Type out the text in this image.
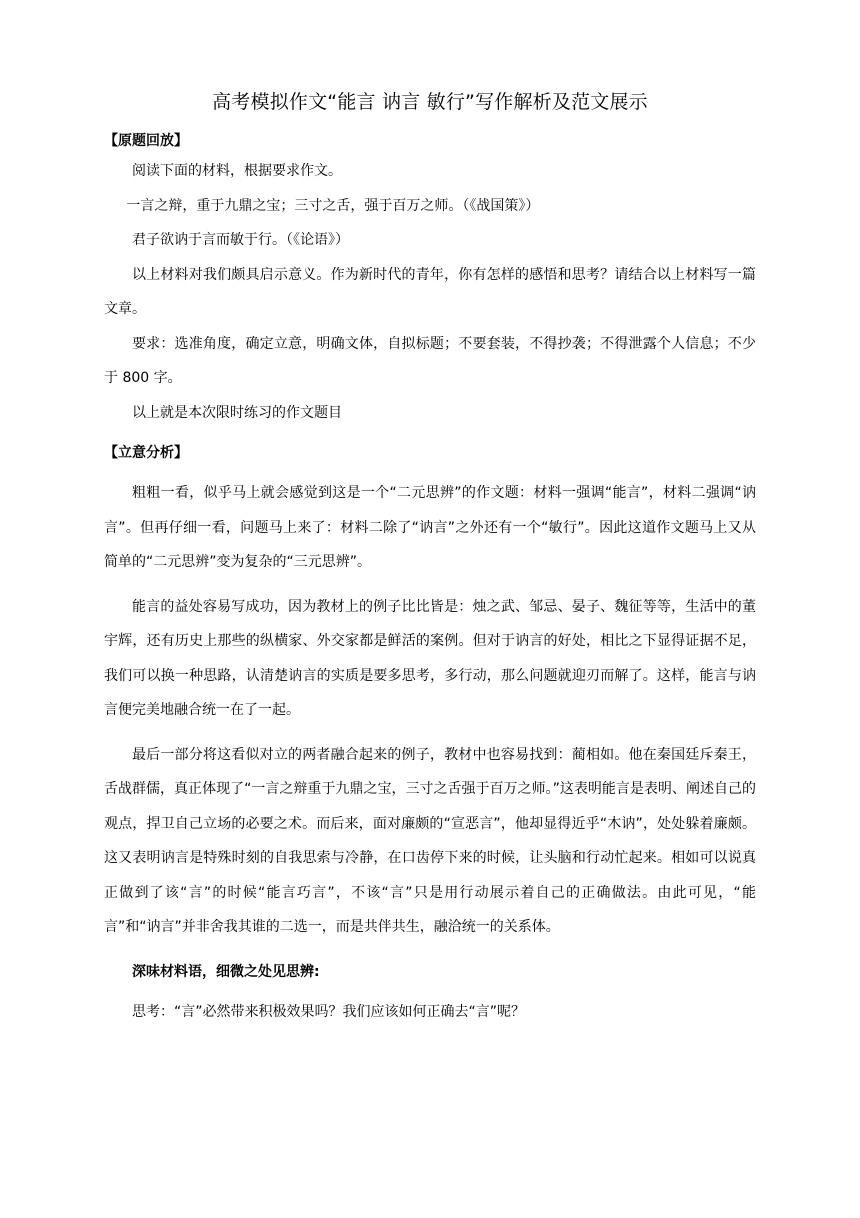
高考模拟作文“能言 讷言 敏行”写作解析及范文展示

【原题回放】

阅读下面的材料，根据要求作文。

一言之辩，重于九鼎之宝；三寸之舌，强于百万之师。（《战国策》）

君子欲讷于言而敏于行。（《论语》）

以上材料对我们颇具启示意义。作为新时代的青年，你有怎样的感悟和思考？请结合以上材料写一篇文章。

要求：选准角度，确定立意，明确文体，自拟标题；不要套装，不得抄袭；不得泄露个人信息；不少于 800 字。

以上就是本次限时练习的作文题目

【立意分析】

粗粗一看，似乎马上就会感觉到这是一个“二元思辨”的作文题：材料一强调“能言”，材料二强调“讷言”。但再仔细一看，问题马上来了：材料二除了“讷言”之外还有一个“敏行”。因此这道作文题马上又从简单的“二元思辨”变为复杂的“三元思辨”。

能言的益处容易写成功，因为教材上的例子比比皆是：烛之武、邹忌、晏子、魏征等等，生活中的董宇辉，还有历史上那些的纵横家、外交家都是鲜活的案例。但对于讷言的好处，相比之下显得证据不足，我们可以换一种思路，认清楚讷言的实质是要多思考，多行动，那么问题就迎刃而解了。这样，能言与讷言便完美地融合统一在了一起。

最后一部分将这看似对立的两者融合起来的例子，教材中也容易找到：蔺相如。他在秦国廷斥秦王，舌战群儒，真正体现了“一言之辩重于九鼎之宝，三寸之舌强于百万之师。”这表明能言是表明、阐述自己的观点，捍卫自己立场的必要之术。而后来，面对廉颇的“宣恶言”，他却显得近乎“木讷”，处处躲着廉颇。这又表明讷言是特殊时刻的自我思索与冷静，在口齿停下来的时候，让头脑和行动忙起来。相如可以说真正做到了该“言”的时候“能言巧言”，不该“言”只是用行动展示着自己的正确做法。由此可见，“能言”和“讷言”并非舍我其谁的二选一，而是共伴共生，融洽统一的关系体。

深味材料语，细微之处见思辨:

思考：“言”必然带来积极效果吗？我们应该如何正确去“言”呢？
